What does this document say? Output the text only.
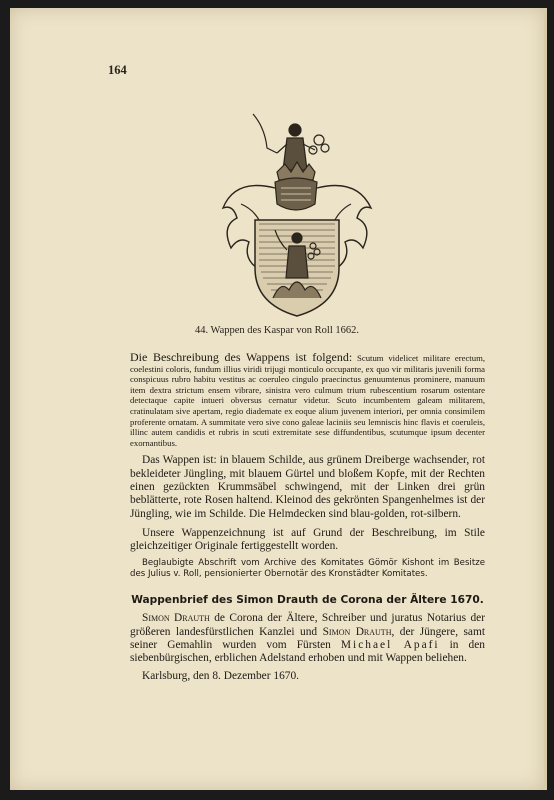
164
44. Wappen des Kaspar von Roll 1662.

Die Beschreibung des Wappens ist folgend: Scutum videlicet militare erectum, coelestini coloris, fundum illius viridi trijugi monticulo occupante, ex quo vir militaris juvenili forma conspicuus rubro habitu vestitus ac coeruleo cingulo praecinctus genuumtenus prominere, manuum item dextra strictum ensem vibrare, sinistra vero culmum trium rubescentium rosarum ostentare detectaque capite intueri obversus cernatur videtur. Scuto incumbentem galeam militarem, cratinulatam sive apertam, regio diademate ex eoque alium juvenem interiori, per omnia consimilem proferente ornatam. A summitate vero sive cono galeae laciniis seu lemniscis hinc flavis et coeruleis, illinc autem candidis et rubris in scuti extremitate sese diffundentibus, scutumque ipsum decenter exornantibus.

Das Wappen ist: in blauem Schilde, aus grünem Dreiberge wachsender, rot bekleideter Jüngling, mit blauem Gürtel und bloßem Kopfe, mit der Rechten einen gezückten Krummsäbel schwingend, mit der Linken drei grün beblätterte, rote Rosen haltend. Kleinod des gekrönten Spangenhelmes ist der Jüngling, wie im Schilde. Die Helmdecken sind blau-golden, rot-silbern.

Unsere Wappenzeichnung ist auf Grund der Beschreibung, im Stile gleichzeitiger Originale fertiggestellt worden.

Beglaubigte Abschrift vom Archive des Komitates Gömör Kishont im Besitze des Julius v. Roll, pensionierter Obernotär des Kronstädter Komitates.

Wappenbrief des Simon Drauth de Corona der Ältere 1670.

Simon Drauth de Corona der Ältere, Schreiber und juratus Notarius der größeren landesfürstlichen Kanzlei und Simon Drauth, der Jüngere, samt seiner Gemahlin wurden vom Fürsten Michael Apafi in den siebenbürgischen, erblichen Adelstand erhoben und mit Wappen beliehen.

Karlsburg, den 8. Dezember 1670.
